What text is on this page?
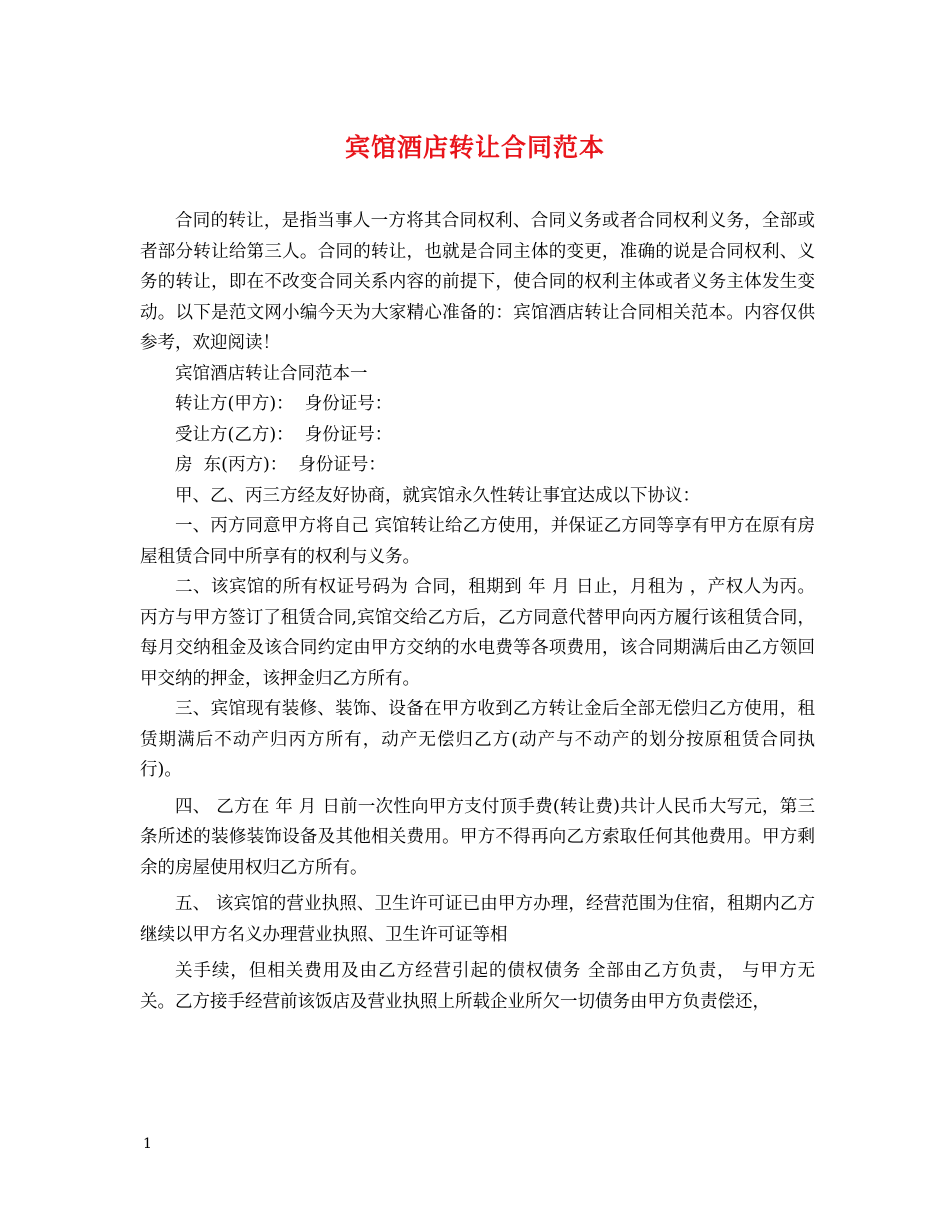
宾馆酒店转让合同范本

合同的转让，是指当事人一方将其合同权利、合同义务或者合同权利义务，全部或者部分转让给第三人。合同的转让，也就是合同主体的变更，准确的说是合同权利、义务的转让，即在不改变合同关系内容的前提下，使合同的权利主体或者义务主体发生变动。以下是范文网小编今天为大家精心准备的：宾馆酒店转让合同相关范本。内容仅供参考，欢迎阅读！

宾馆酒店转让合同范本一

转让方(甲方)：  身份证号：

受让方(乙方)：  身份证号：

房  东(丙方)：  身份证号：

甲、乙、丙三方经友好协商，就宾馆永久性转让事宜达成以下协议：

一、丙方同意甲方将自己 宾馆转让给乙方使用，并保证乙方同等享有甲方在原有房屋租赁合同中所享有的权利与义务。

二、该宾馆的所有权证号码为 合同，租期到 年 月 日止，月租为 ，产权人为丙。丙方与甲方签订了租赁合同,宾馆交给乙方后，乙方同意代替甲向丙方履行该租赁合同，每月交纳租金及该合同约定由甲方交纳的水电费等各项费用，该合同期满后由乙方领回甲交纳的押金，该押金归乙方所有。

三、宾馆现有装修、装饰、设备在甲方收到乙方转让金后全部无偿归乙方使用，租赁期满后不动产归丙方所有，动产无偿归乙方(动产与不动产的划分按原租赁合同执行)。

四、 乙方在 年 月 日前一次性向甲方支付顶手费(转让费)共计人民币大写元，第三条所述的装修装饰设备及其他相关费用。甲方不得再向乙方索取任何其他费用。甲方剩余的房屋使用权归乙方所有。

五、 该宾馆的营业执照、卫生许可证已由甲方办理，经营范围为住宿，租期内乙方继续以甲方名义办理营业执照、卫生许可证等相

关手续，但相关费用及由乙方经营引起的债权债务 全部由乙方负责， 与甲方无关。乙方接手经营前该饭店及营业执照上所载企业所欠一切债务由甲方负责偿还，

1
